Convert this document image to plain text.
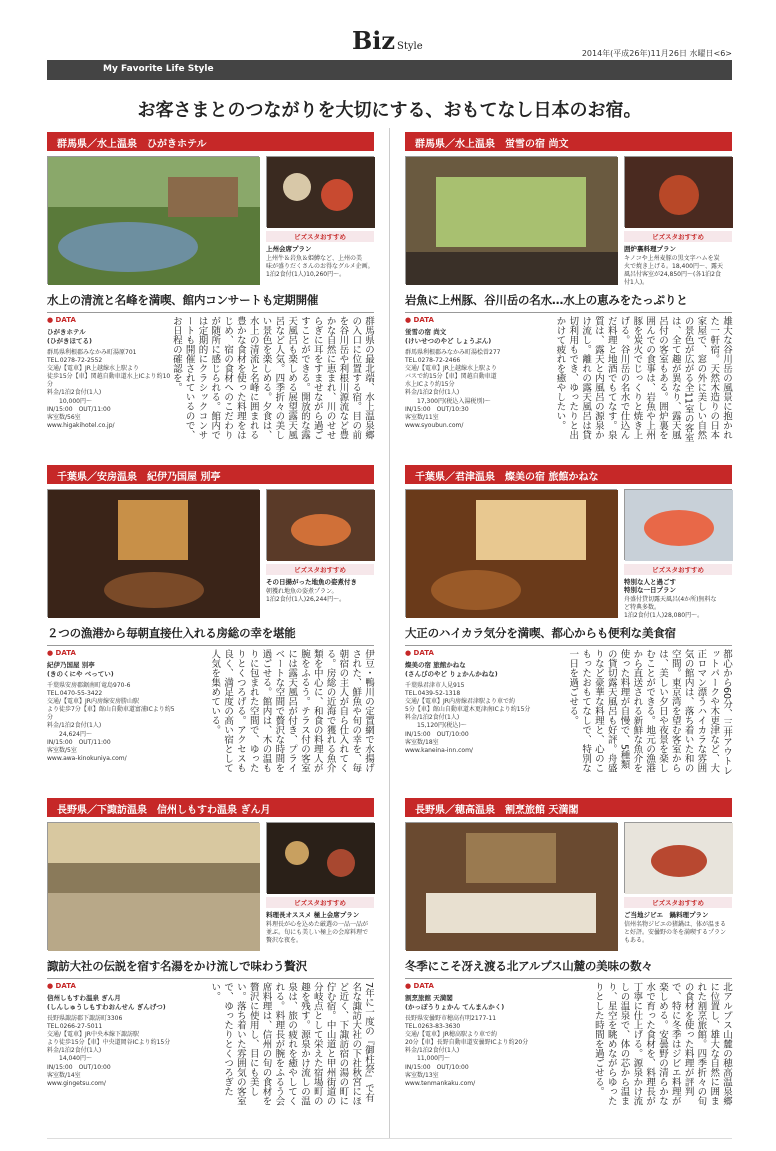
Biz Style
2014年(平成26年)11月26日 水曜日<6>
My Favorite Life Style
お客さまとのつながりを大切にする、おもてなし日本のお宿。
群馬県／水上温泉　ひがきホテル
ビズスタおすすめ
上州会席プラン
上州牛＆岩魚＆姫鱒など、上州の美
味が盛りだくさんのお得なグルメ企画。
1泊2食付(1人)10,260円〜。
水上の清流と名峰を満喫、館内コンサートも定期開催
● DATA
ひがきホテル
(ひがきほてる)
群馬県利根郡みなかみ町湯原701
TEL.0278-72-2552
交通/【電車】JR上越線水上駅より
徒歩15分【車】関越自動車道水上ICより約10分
料金/1泊2食付(1人)
　　10,000円〜
IN/15:00　OUT/11:00
客室数/56室
www.higakihotel.co.jp/	群馬県の最北端、水上温泉郷の入口に位置する宿。目の前を谷川岳や利根川源流など豊かな自然に恵まれ、川のせせらぎに耳をすませながら過ごすことができる。開放的な露天風呂も楽しめる展望露天風呂など人気。四季折々の美しい景色を楽しめる。夕食は、水上の清流と名峰に囲まれる豊かな食材を使った料理をはじめ、宿の食材へのこだわりが随所に感じられる。館内では定期的にクラシックコンサートも開催されているので、お日程の確認を。
群馬県／水上温泉　蛍雪の宿 尚文
ビズスタおすすめ
囲炉裏料理プラン
キノコや上州麦豚の黒文字ハムを炭
火で焼き上げる。18,400円〜、露天
風呂付客室が24,850円〜(各1泊2食
付1人)。
岩魚に上州豚、谷川岳の名水…水上の恵みをたっぷりと
● DATA
蛍雪の宿 尚文
(けいせつのやど しょうぶん)
群馬県利根郡みなかみ町湯桧曽277
TEL.0278-72-2466
交通/【電車】JR上越線水上駅より
バスで約15分【車】関越自動車道
水上ICより約15分
料金/1泊2食付(1人)
　　17,300円(税込入湯税別)〜
IN/15:00　OUT/10:30
客室数/11室
www.syoubun.com/	雄大な谷川岳の風景に抱かれた一軒宿。天然木造りの日本家屋で、窓の外に美しい自然の景色が広がる全11室の客室は、全て趣が異なり、露天風呂付の客室もある。囲炉裏を囲んでの食事は、岩魚や上州豚を炭火でじっくりと焼き上げる。谷川岳の名水で仕込んだ料理と地酒でもてなす。泉質は、露天と内風呂の源泉かけ流し。離れの露天風呂は貸切利用もでき、ゆったりと出かけて疲れを癒やしたい。
千葉県／安房温泉　紀伊乃国屋 別亭
ビズスタおすすめ
その日揚がった地魚の姿煮付き
朝獲れ地魚の姿煮プラン。
1泊2食付(1人)26,244円〜。
２つの漁港から毎朝直接仕入れる房総の幸を堪能
● DATA
紀伊乃国屋 別亭
(きのくにや べってい)
千葉県安房郡鋸南町竜島970-6
TEL.0470-55-3422
交通/【電車】JR内房線安房勝山駅
より徒歩7分【車】館山自動車道富浦ICより約5分
料金/1泊2食付(1人)
　　24,624円〜
IN/15:00　OUT/11:00
客室数/5室
www.awa-kinokuniya.com/	伊豆・鴨川の定置網で水揚げされた、鮮魚や旬の幸を、毎朝宿の主人が自ら仕入れてくる。房総の近海で獲れる魚介類を中心に、和食の料理人が腕をふるう。テラス付の客室には露天風呂が付き、プライベートな空間で贅沢な時間を過ごせる。館内は、木の温もりに包まれた空間で、ゆったりとくつろげる。アクセスも良く、満足度の高い宿として人気を集めている。
千葉県／君津温泉　燦美の宿 旅館かねな
ビズスタおすすめ
特別な人と過ごす
特別な一日プラン
舟盛付貸切露天風呂(4か所)無料な
ど特典多数。
1泊2食付(1人)28,080円〜。
大正のハイカラ気分を満喫、都心からも便利な美食宿
● DATA
燦美の宿 旅館かねな
(さんびのやど りょかんかねな)
千葉県君津市人見915
TEL.0439-52-1318
交通/【電車】JR内房線君津駅より車で約
5分【車】館山自動車道木更津南ICより約15分
料金/1泊2食付(1人)
　　15,120円(税込)〜
IN/15:00　OUT/10:00
客室数/18室
www.kaneina-inn.com/	都心から60分、三井アウトレットパークや木更津など、大正ロマン漂うハイカラな雰囲気の館内は、落ち着いた和の空間。東京湾を望む客室からは、美しい夕日や夜景を楽しむことができる。地元の漁港から直送される新鮮な魚介を使った料理が自慢で、5種類の貸切露天風呂も好評。舟盛りなど豪華な料理と、心のこもったおもてなしで、特別な一日を過ごせる。
長野県／下諏訪温泉　信州しもすわ温泉 ぎん月
ビズスタおすすめ
料理長オススメ 極上会席プラン
料理長が心を込めた厳選の一品一品が
並ぶ。旬にも美しい極上の会席料理で
贅沢な夜を。
諏訪大社の伝説を宿す名湯をかけ流しで味わう贅沢
● DATA
信州しもすわ温泉 ぎん月
(しんしゅうしもすわおんせん ぎんげつ)
長野県諏訪郡下諏訪町3306
TEL.0266-27-5011
交通/【電車】JR中央本線下諏訪駅
より徒歩15分【車】中央道岡谷ICより約15分
料金/1泊2食付(1人)
　　14,040円〜
IN/15:00　OUT/10:00
客室数/14室
www.gingetsu.com/	7年に一度の『御柱祭』で有名な諏訪大社の下社秋宮にほど近く、下諏訪宿の湯の町に佇む宿。中山道と甲州街道の分岐点として栄えた宿場町の趣を残す。源泉かけ流しの温泉は、旅の疲れを癒やしてくれる。料理長が腕をふるう会席料理は、信州の旬の食材を贅沢に使用し、目にも美しい。落ち着いた雰囲気の客室で、ゆったりとくつろぎたい。
長野県／穂高温泉　割烹旅館 天満閣
ビズスタおすすめ
ご当地ジビエ　鍋料理プラン
信州名物ジビエの猪鍋は、体が温まる
と好評。安曇野の冬を満喫するプラン
もある。
冬季にこそ冴え渡る北アルプス山麓の美味の数々
● DATA
割烹旅館 天満閣
(かっぽうりょかん てんまんかく)
長野県安曇野市穂高有明2177-11
TEL.0263-83-3630
交通/【電車】JR穂高駅より車で約
20分【車】長野自動車道安曇野ICより約20分
料金/1泊2食付(1人)
　　11,000円〜
IN/15:00　OUT/10:00
客室数/13室
www.tenmankaku.com/	北アルプス山麓の穂高温泉郷に位置し、雄大な自然に囲まれた割烹旅館。四季折々の旬の食材を使った料理が評判で、特に冬季はジビエ料理が楽しめる。安曇野の清らかな水で育った食材を、料理長が丁寧に仕上げる。源泉かけ流しの温泉で、体の芯から温まり、星空を眺めながらゆったりとした時間を過ごせる。
